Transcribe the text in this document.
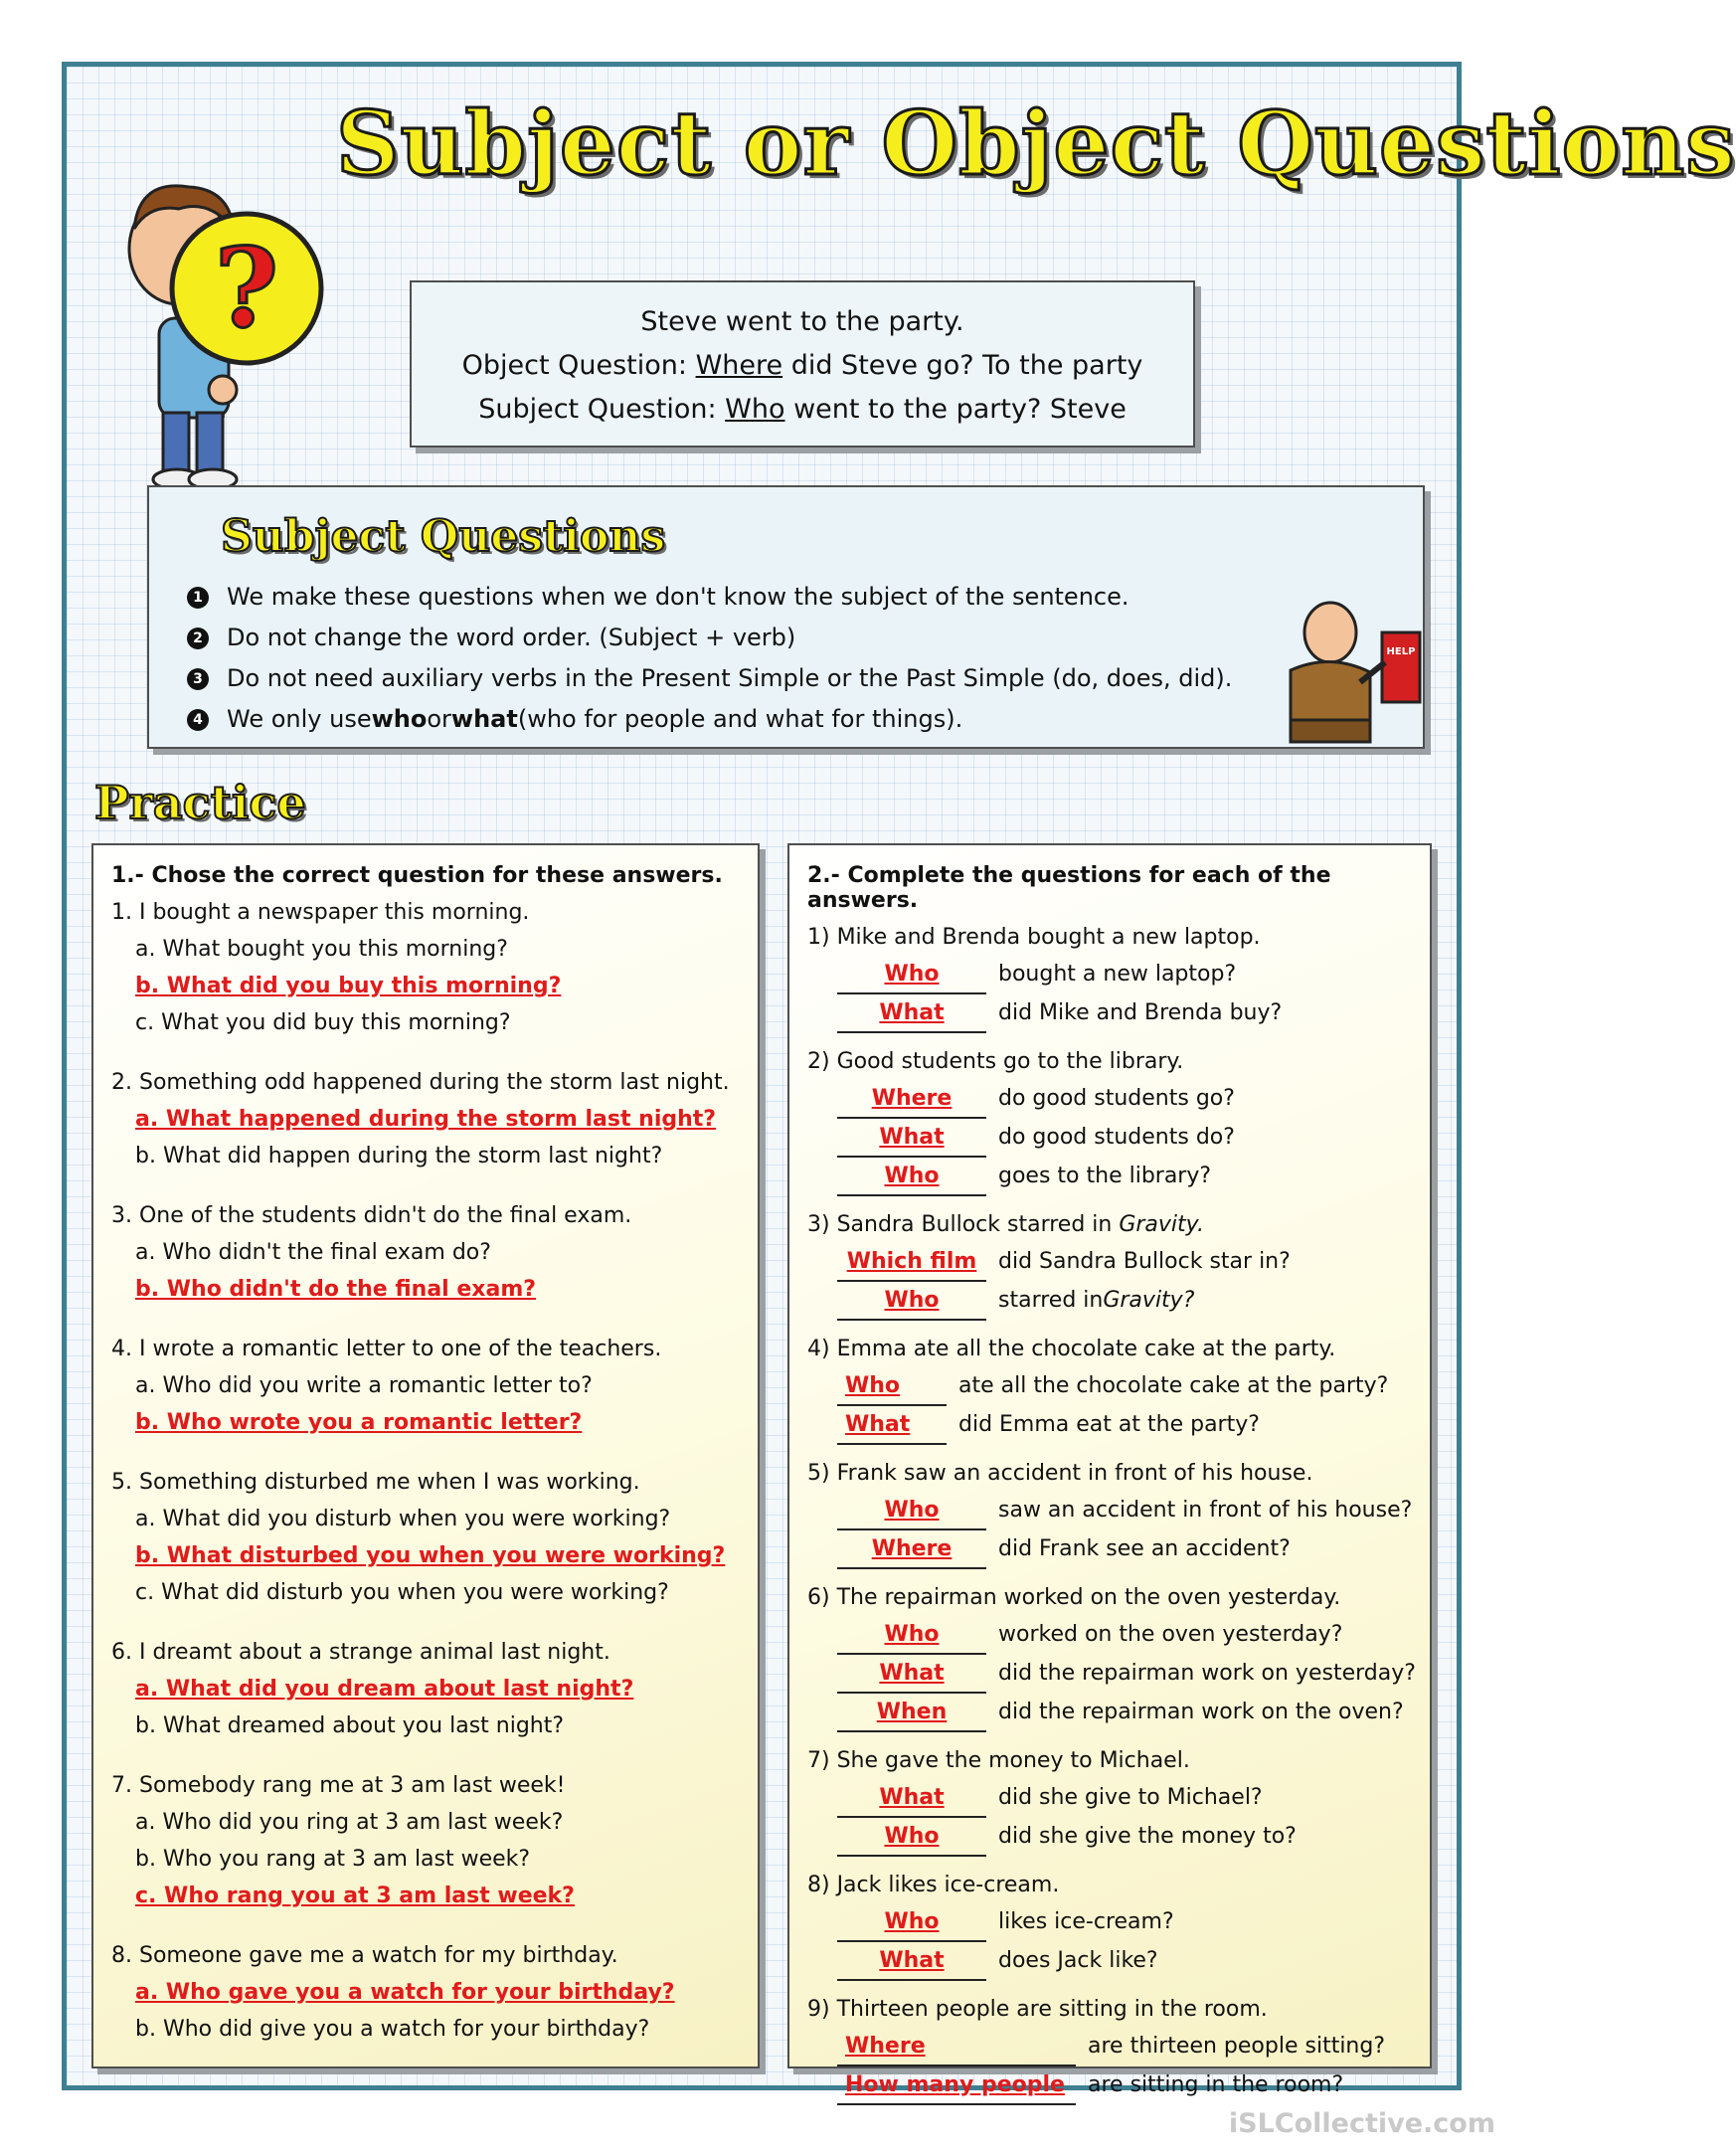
Subject or Object Questions
?	Steve went to the party.
Object Question: Where did Steve go? To the party
Subject Question: Who went to the party? Steve
Subject Questions
1 We make these questions when we don't know the subject of the sentence.
2 Do not change the word order. (Subject + verb)
3 Do not need auxiliary verbs in the Present Simple or the Past Simple (do, does, did).
4 We only use who or what (who for people and what for things).
HELP
Practice
1.- Chose the correct question for these answers.
1. I bought a newspaper this morning.
a. What bought you this morning?
b. What did you buy this morning?
c. What you did buy this morning?
2. Something odd happened during the storm last night.
a. What happened during the storm last night?
b. What did happen during the storm last night?
3. One of the students didn't do the final exam.
a. Who didn't the final exam do?
b. Who didn't do the final exam?
4. I wrote a romantic letter to one of the teachers.
a. Who did you write a romantic letter to?
b. Who wrote you a romantic letter?
5. Something disturbed me when I was working.
a. What did you disturb when you were working?
b. What disturbed you when you were working?
c. What did disturb you when you were working?
6. I dreamt about a strange animal last night.
a. What did you dream about last night?
b. What dreamed about you last night?
7. Somebody rang me at 3 am last week!
a. Who did you ring at 3 am last week?
b. Who you rang at 3 am last week?
c. Who rang you at 3 am last week?
8. Someone gave me a watch for my birthday.
a. Who gave you a watch for your birthday?
b. Who did give you a watch for your birthday?
2.- Complete the questions for each of the answers.
1) Mike and Brenda bought a new laptop.
Who	bought a new laptop?
What	did Mike and Brenda buy?
2) Good students go to the library.
Where	do good students go?
What	do good students do?
Who	goes to the library?
3) Sandra Bullock starred in Gravity.
Which film did Sandra Bullock star in?
Who	starred in Gravity?
4) Emma ate all the chocolate cake at the party.
Who	ate all the chocolate cake at the party?
What	did Emma eat at the party?
5) Frank saw an accident in front of his house.
Who	saw an accident in front of his house?
Where	did Frank see an accident?
6) The repairman worked on the oven yesterday.
Who	worked on the oven yesterday?
What	did the repairman work on yesterday?
When	did the repairman work on the oven?
7) She gave the money to Michael.
What	did she give to Michael?
Who	did she give the money to?
8) Jack likes ice-cream.
Who	likes ice-cream?
What	does Jack like?
9) Thirteen people are sitting in the room.
Where	are thirteen people sitting?
How many people	are sitting in the room?
iSLCollective.com
